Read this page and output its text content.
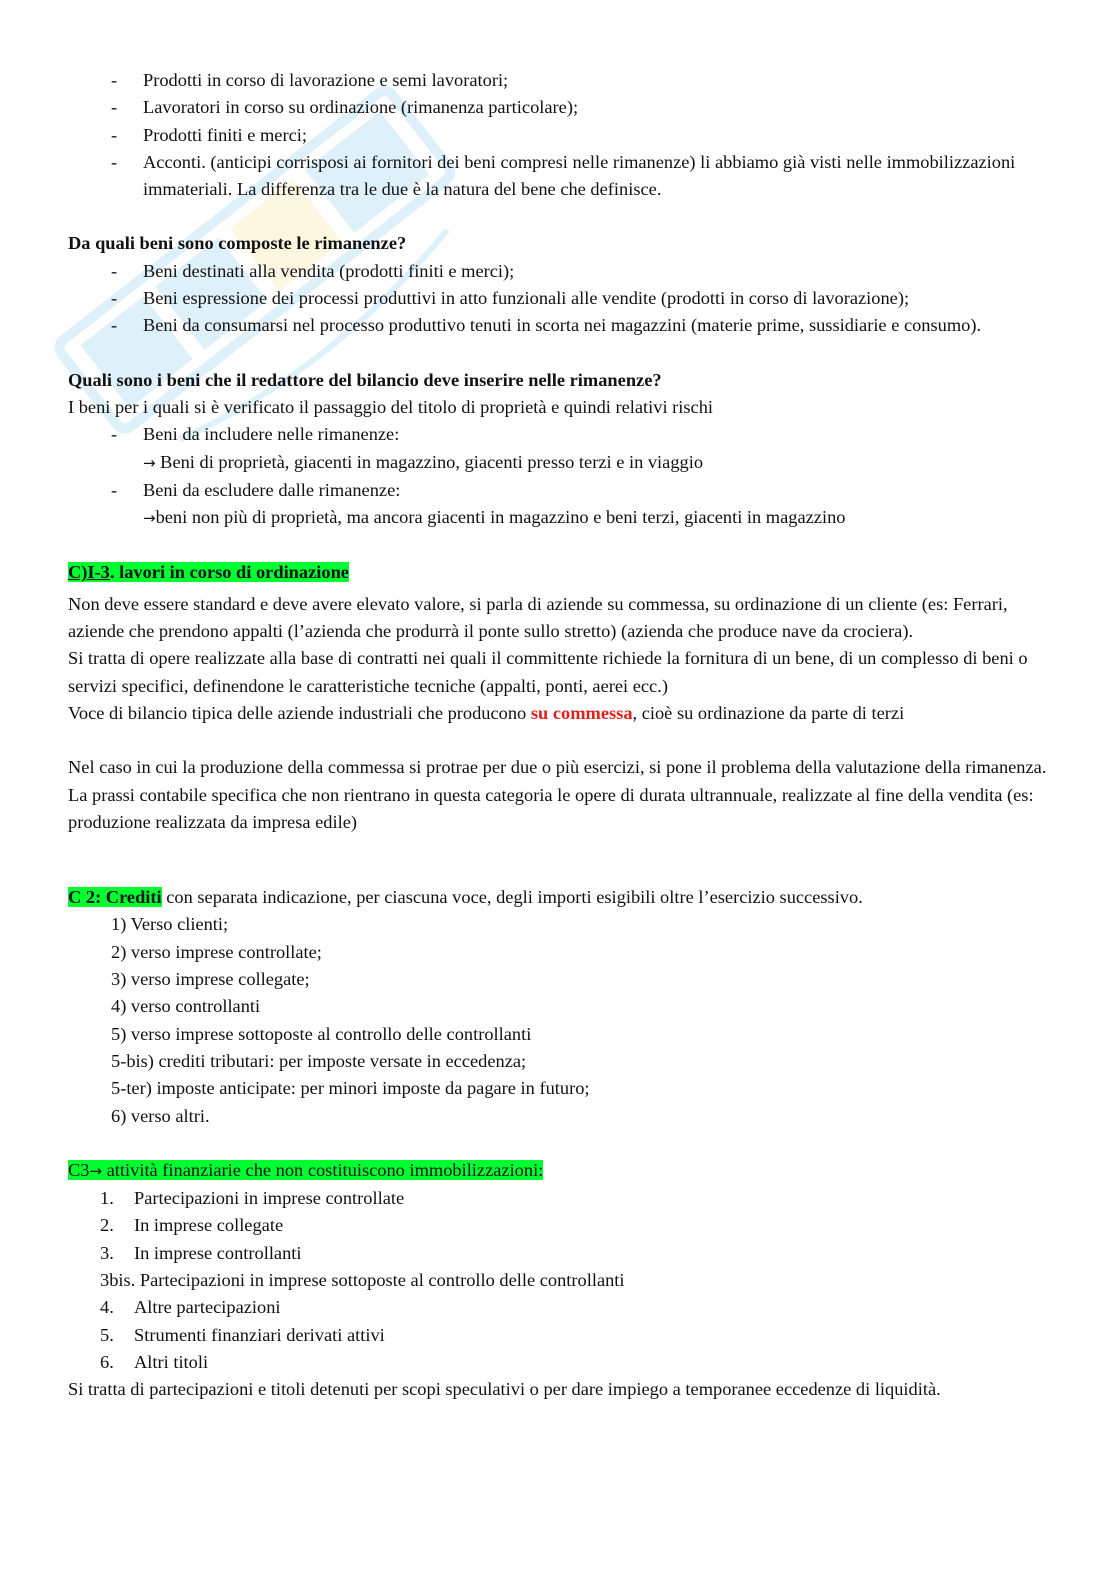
- Prodotti in corso di lavorazione e semi lavoratori;
- Lavoratori in corso su ordinazione (rimanenza particolare);
- Prodotti finiti e merci;
- Acconti. (anticipi corrisposi ai fornitori dei beni compresi nelle rimanenze) li abbiamo già visti nelle immobilizzazioni immateriali. La differenza tra le due è la natura del bene che definisce.

Da quali beni sono composte le rimanenze?

- Beni destinati alla vendita (prodotti finiti e merci);
- Beni espressione dei processi produttivi in atto funzionali alle vendite (prodotti in corso di lavorazione);
- Beni da consumarsi nel processo produttivo tenuti in scorta nei magazzini (materie prime, sussidiarie e consumo).

Quali sono i beni che il redattore del bilancio deve inserire nelle rimanenze?

I beni per i quali si è verificato il passaggio del titolo di proprietà e quindi relativi rischi

- Beni da includere nelle rimanenze:
→ Beni di proprietà, giacenti in magazzino, giacenti presso terzi e in viaggio
- Beni da escludere dalle rimanenze:
→beni non più di proprietà, ma ancora giacenti in magazzino e beni terzi, giacenti in magazzino

C)I-3. lavori in corso di ordinazione

Non deve essere standard e deve avere elevato valore, si parla di aziende su commessa, su ordinazione di un cliente (es: Ferrari, aziende che prendono appalti (l’azienda che produrrà il ponte sullo stretto) (azienda che produce nave da crociera).

Si tratta di opere realizzate alla base di contratti nei quali il committente richiede la fornitura di un bene, di un complesso di beni o servizi specifici, definendone le caratteristiche tecniche (appalti, ponti, aerei ecc.)

Voce di bilancio tipica delle aziende industriali che producono su commessa, cioè su ordinazione da parte di terzi

Nel caso in cui la produzione della commessa si protrae per due o più esercizi, si pone il problema della valutazione della rimanenza.

La prassi contabile specifica che non rientrano in questa categoria le opere di durata ultrannuale, realizzate al fine della vendita (es: produzione realizzata da impresa edile)

C 2: Crediti con separata indicazione, per ciascuna voce, degli importi esigibili oltre l’esercizio successivo.

1) Verso clienti;

2) verso imprese controllate;

3) verso imprese collegate;

4) verso controllanti

5) verso imprese sottoposte al controllo delle controllanti

5-bis) crediti tributari: per imposte versate in eccedenza;

5-ter) imposte anticipate: per minori imposte da pagare in futuro;

6) verso altri.

C3→ attività finanziarie che non costituiscono immobilizzazioni:

1. Partecipazioni in imprese controllate
2. In imprese collegate
3. In imprese controllanti

3bis. Partecipazioni in imprese sottoposte al controllo delle controllanti

4. Altre partecipazioni
5. Strumenti finanziari derivati attivi
6. Altri titoli

Si tratta di partecipazioni e titoli detenuti per scopi speculativi o per dare impiego a temporanee eccedenze di liquidità.
